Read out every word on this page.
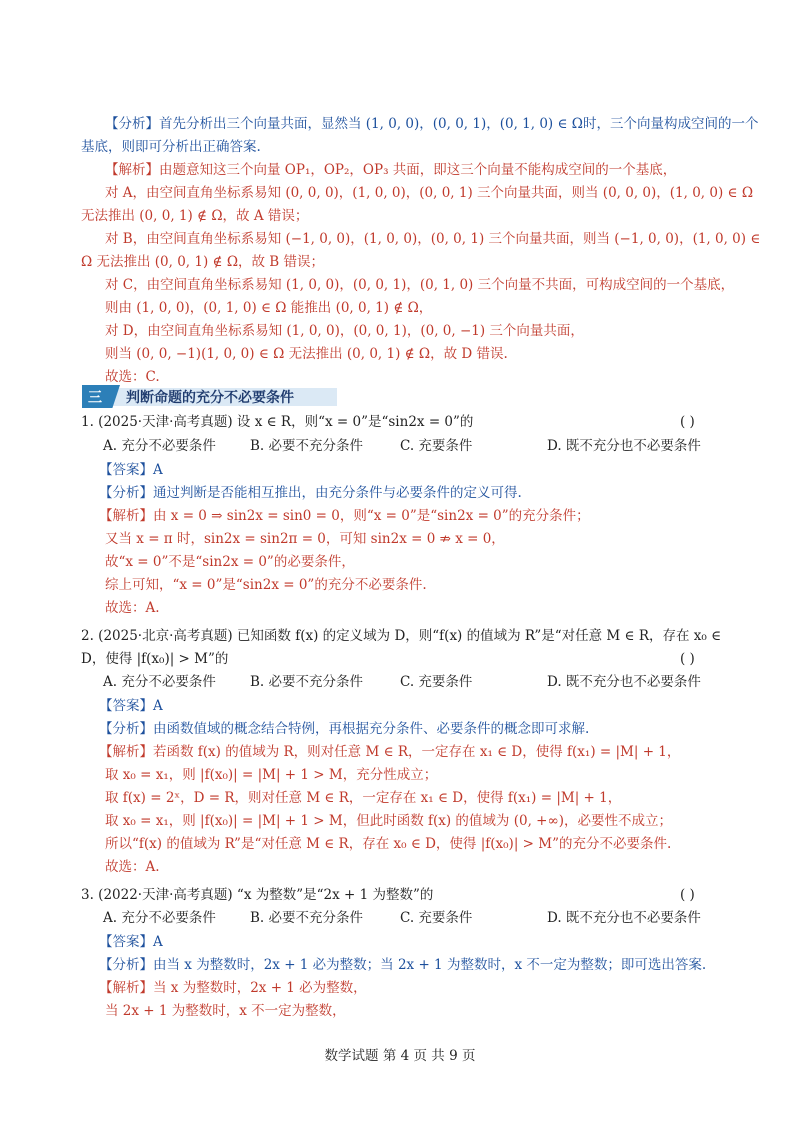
【分析】首先分析出三个向量共面，显然当 (1, 0, 0)，(0, 0, 1)，(0, 1, 0) ∈ Ω时，三个向量构成空间的一个
基底，则即可分析出正确答案.
【解析】由题意知这三个向量 OP₁，OP₂，OP₃ 共面，即这三个向量不能构成空间的一个基底，
对 A，由空间直角坐标系易知 (0, 0, 0)，(1, 0, 0)，(0, 0, 1) 三个向量共面，则当 (0, 0, 0)，(1, 0, 0) ∈ Ω
无法推出 (0, 0, 1) ∉ Ω，故 A 错误；
对 B，由空间直角坐标系易知 (−1, 0, 0)，(1, 0, 0)，(0, 0, 1) 三个向量共面，则当 (−1, 0, 0)，(1, 0, 0) ∈
Ω 无法推出 (0, 0, 1) ∉ Ω，故 B 错误；
对 C，由空间直角坐标系易知 (1, 0, 0)，(0, 0, 1)，(0, 1, 0) 三个向量不共面，可构成空间的一个基底，
则由 (1, 0, 0)，(0, 1, 0) ∈ Ω 能推出 (0, 0, 1) ∉ Ω，
对 D，由空间直角坐标系易知 (1, 0, 0)，(0, 0, 1)，(0, 0, −1) 三个向量共面，
则当 (0, 0, −1)(1, 0, 0) ∈ Ω 无法推出 (0, 0, 1) ∉ Ω，故 D 错误.
故选：C.
三 判断命题的充分不必要条件
1. (2025·天津·高考真题) 设 x ∈ R，则“x = 0”是“sin2x = 0”的	( )
A. 充分不必要条件	B. 必要不充分条件	C. 充要条件	D. 既不充分也不必要条件
【答案】A
【分析】通过判断是否能相互推出，由充分条件与必要条件的定义可得.
【解析】由 x = 0 ⇒ sin2x = sin0 = 0，则“x = 0”是“sin2x = 0”的充分条件；
又当 x = π 时，sin2x = sin2π = 0，可知 sin2x = 0 ⇏ x = 0，
故“x = 0”不是“sin2x = 0”的必要条件，
综上可知，“x = 0”是“sin2x = 0”的充分不必要条件.
故选：A.
2. (2025·北京·高考真题) 已知函数 f(x) 的定义域为 D，则“f(x) 的值域为 R”是“对任意 M ∈ R，存在 x₀ ∈
D，使得 |f(x₀)| > M”的	( )
A. 充分不必要条件	B. 必要不充分条件	C. 充要条件	D. 既不充分也不必要条件
【答案】A
【分析】由函数值域的概念结合特例，再根据充分条件、必要条件的概念即可求解.
【解析】若函数 f(x) 的值域为 R，则对任意 M ∈ R，一定存在 x₁ ∈ D，使得 f(x₁) = |M| + 1，
取 x₀ = x₁，则 |f(x₀)| = |M| + 1 > M，充分性成立；
取 f(x) = 2ˣ，D = R，则对任意 M ∈ R，一定存在 x₁ ∈ D，使得 f(x₁) = |M| + 1，
取 x₀ = x₁，则 |f(x₀)| = |M| + 1 > M，但此时函数 f(x) 的值域为 (0, +∞)，必要性不成立；
所以“f(x) 的值域为 R”是“对任意 M ∈ R，存在 x₀ ∈ D，使得 |f(x₀)| > M”的充分不必要条件.
故选：A.
3. (2022·天津·高考真题) “x 为整数”是“2x + 1 为整数”的	( )
A. 充分不必要条件	B. 必要不充分条件	C. 充要条件	D. 既不充分也不必要条件
【答案】A
【分析】由当 x 为整数时，2x + 1 必为整数；当 2x + 1 为整数时，x 不一定为整数；即可选出答案.
【解析】当 x 为整数时，2x + 1 必为整数，
当 2x + 1 为整数时，x 不一定为整数，
数学试题 第 4 页 共 9 页
